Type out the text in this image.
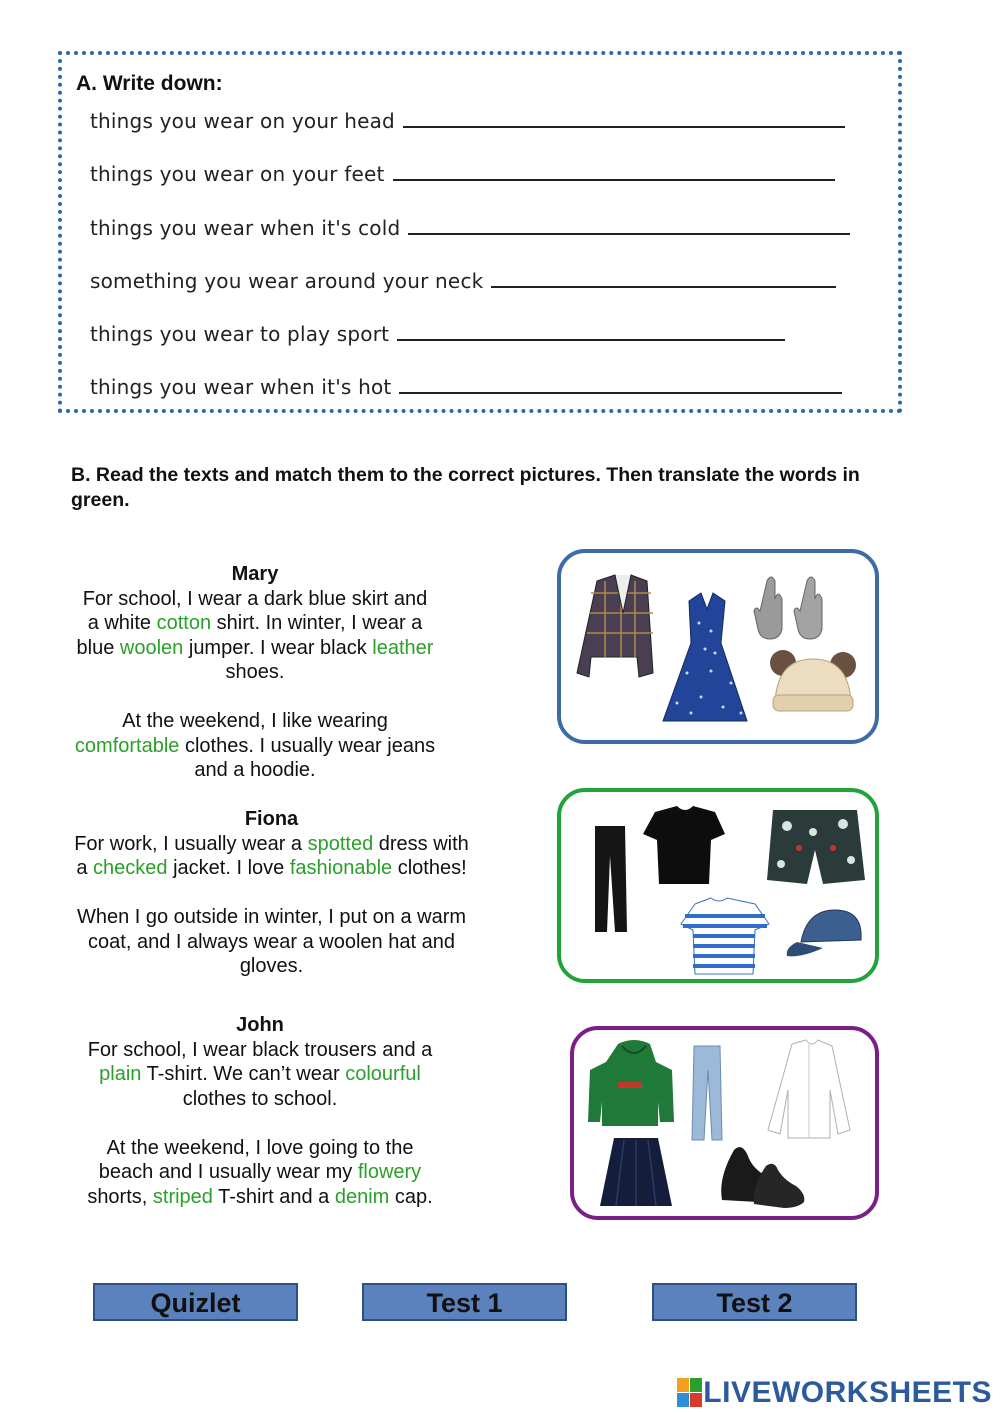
A. Write down:
things you wear on your head
things you wear on your feet
things you wear when it's cold
something you wear around your neck
things you wear to play sport
things you wear when it's hot
B. Read the texts and match them to the correct pictures. Then translate the words in green.
Mary
For school, I wear a dark blue skirt and
a white cotton shirt. In winter, I wear a
blue woolen jumper. I wear black leather
shoes.

At the weekend, I like wearing
comfortable clothes. I usually wear jeans
and a hoodie.
Fiona
For work, I usually wear a spotted dress with
a checked jacket. I love fashionable clothes!

When I go outside in winter, I put on a warm
coat, and I always wear a woolen hat and
gloves.
John
For school, I wear black trousers and a
plain T-shirt. We can’t wear colourful
clothes to school.

At the weekend, I love going to the
beach and I usually wear my flowery
shorts, striped T-shirt and a denim cap.
Quizlet	Test 1	Test 2
LIVEWORKSHEETS
